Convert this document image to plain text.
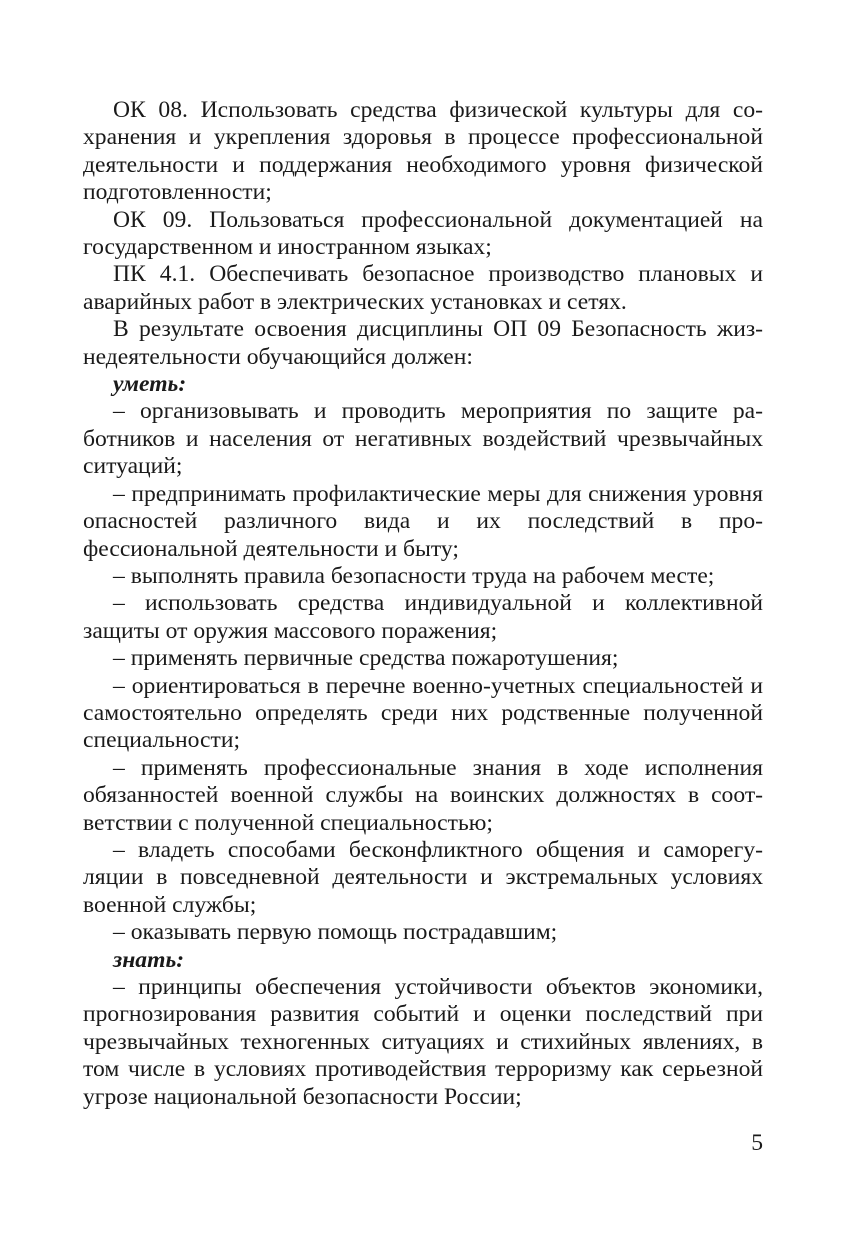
ОК 08. Использовать средства физической культуры для сохранения и укрепления здоровья в процессе профессиональной деятельности и поддержания необходимого уровня физической подготовленности;

ОК 09. Пользоваться профессиональной документацией на государственном и иностранном языках;

ПК 4.1. Обеспечивать безопасное производство плановых и аварийных работ в электрических установках и сетях.

В результате освоения дисциплины ОП 09 Безопасность жизнедеятельности обучающийся должен:

уметь:

– организовывать и проводить мероприятия по защите работников и населения от негативных воздействий чрезвычайных ситуаций;

– предпринимать профилактические меры для снижения уровня опасностей различного вида и их последствий в профессиональной деятельности и быту;

– выполнять правила безопасности труда на рабочем месте;

– использовать средства индивидуальной и коллективной защиты от оружия массового поражения;

– применять первичные средства пожаротушения;

– ориентироваться в перечне военно-учетных специальностей и самостоятельно определять среди них родственные полученной специальности;

– применять профессиональные знания в ходе исполнения обязанностей военной службы на воинских должностях в соответствии с полученной специальностью;

– владеть способами бесконфликтного общения и саморегуляции в повседневной деятельности и экстремальных условиях военной службы;

– оказывать первую помощь пострадавшим;

знать:

– принципы обеспечения устойчивости объектов экономики, прогнозирования развития событий и оценки последствий при чрезвычайных техногенных ситуациях и стихийных явлениях, в том числе в условиях противодействия терроризму как серьезной угрозе национальной безопасности России;

5
